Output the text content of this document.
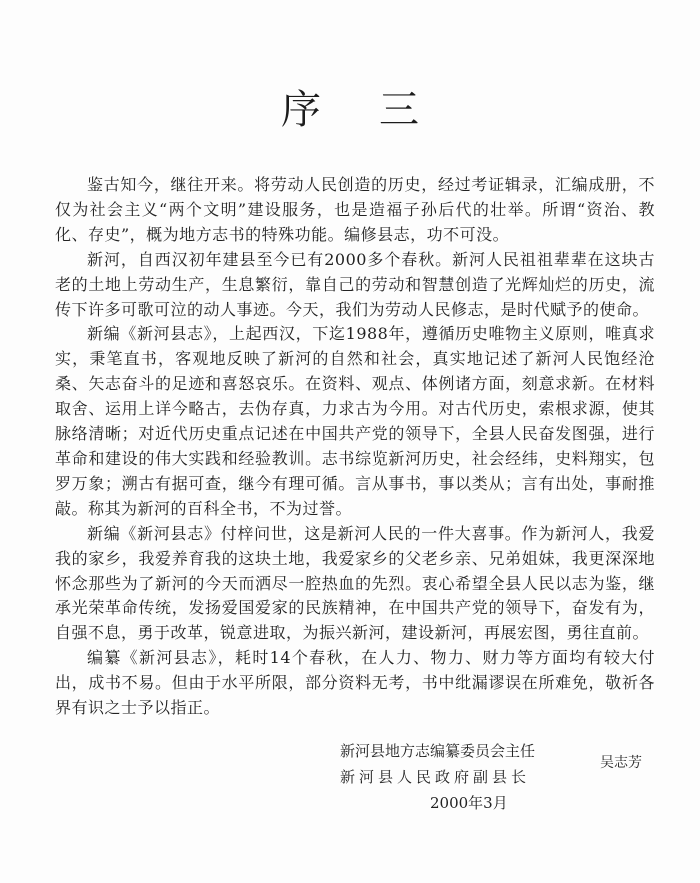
序三

鉴古知今，继往开来。将劳动人民创造的历史，经过考证辑录，汇编成册，不仅为社会主义“两个文明”建设服务，也是造福子孙后代的壮举。所谓“资治、教化、存史”，概为地方志书的特殊功能。编修县志，功不可没。

新河，自西汉初年建县至今已有2000多个春秋。新河人民祖祖辈辈在这块古老的土地上劳动生产，生息繁衍，靠自己的劳动和智慧创造了光辉灿烂的历史，流传下许多可歌可泣的动人事迹。今天，我们为劳动人民修志，是时代赋予的使命。

新编《新河县志》，上起西汉，下迄1988年，遵循历史唯物主义原则，唯真求实，秉笔直书，客观地反映了新河的自然和社会，真实地记述了新河人民饱经沧桑、矢志奋斗的足迹和喜怒哀乐。在资料、观点、体例诸方面，刻意求新。在材料取舍、运用上详今略古，去伪存真，力求古为今用。对古代历史，索根求源，使其脉络清晰；对近代历史重点记述在中国共产党的领导下，全县人民奋发图强，进行革命和建设的伟大实践和经验教训。志书综览新河历史，社会经纬，史料翔实，包罗万象；溯古有据可查，继今有理可循。言从事书，事以类从；言有出处，事耐推敲。称其为新河的百科全书，不为过誉。

新编《新河县志》付梓问世，这是新河人民的一件大喜事。作为新河人，我爱我的家乡，我爱养育我的这块土地，我爱家乡的父老乡亲、兄弟姐妹，我更深深地怀念那些为了新河的今天而洒尽一腔热血的先烈。衷心希望全县人民以志为鉴，继承光荣革命传统，发扬爱国爱家的民族精神，在中国共产党的领导下，奋发有为，自强不息，勇于改革，锐意进取，为振兴新河，建设新河，再展宏图，勇往直前。

编纂《新河县志》，耗时14个春秋，在人力、物力、财力等方面均有较大付出，成书不易。但由于水平所限，部分资料无考，书中纰漏谬误在所难免，敬祈各界有识之士予以指正。

新河县地方志编纂委员会主任
新河县人民政府副县长
2000年3月
吴志芳
